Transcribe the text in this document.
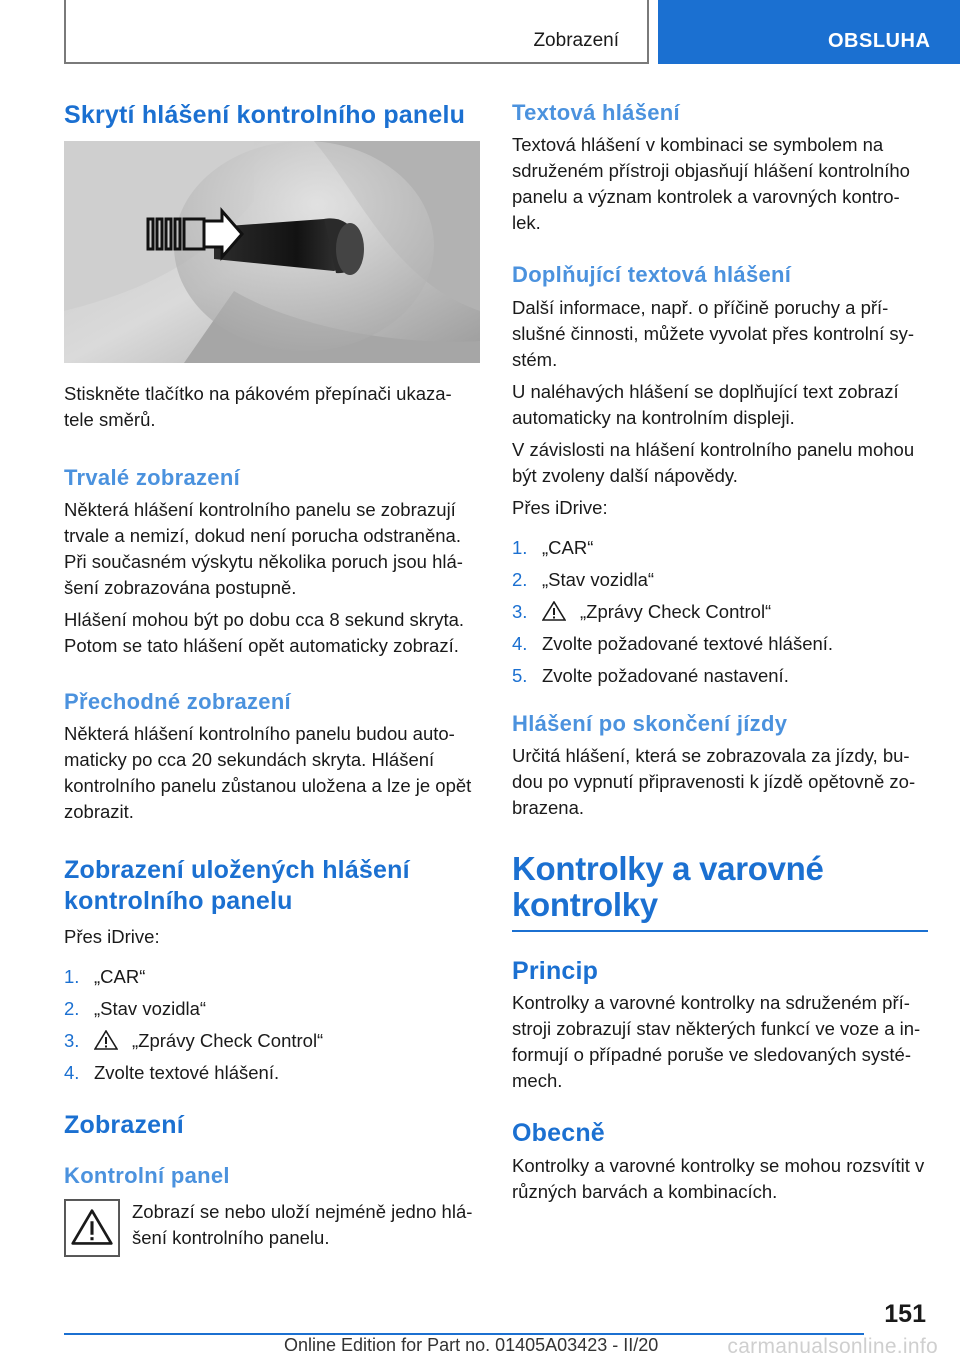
Zobrazení	OBSLUHA
Skrytí hlášení kontrolního panelu

Stiskněte tlačítko na pákovém přepínači ukaza-tele směrů.

Trvalé zobrazení

Některá hlášení kontrolního panelu se zobrazují trvale a nemizí, dokud není porucha odstraněna. Při současném výskytu několika poruch jsou hlá-šení zobrazována postupně.

Hlášení mohou být po dobu cca 8 sekund skryta. Potom se tato hlášení opět automaticky zobrazí.

Přechodné zobrazení

Některá hlášení kontrolního panelu budou auto-maticky po cca 20 sekundách skryta. Hlášení kontrolního panelu zůstanou uložena a lze je opět zobrazit.

Zobrazení uložených hlášení
kontrolního panelu

Přes iDrive:

1. „CAR“
2. „Stav vozidla“
3.	„Zprávy Check Control“
4. Zvolte textové hlášení.
Zobrazení
Kontrolní panel

Zobrazí se nebo uloží nejméně jedno hlá-šení kontrolního panelu.

Textová hlášení

Textová hlášení v kombinaci se symbolem na sdruženém přístroji objasňují hlášení kontrolního panelu a význam kontrolek a varovných kontro-lek.

Doplňující textová hlášení

Další informace, např. o příčině poruchy a pří-slušné činnosti, můžete vyvolat přes kontrolní sy-stém.

U naléhavých hlášení se doplňující text zobrazí automaticky na kontrolním displeji.

V závislosti na hlášení kontrolního panelu mohou být zvoleny další nápovědy.

Přes iDrive:

1. „CAR“
2. „Stav vozidla“
3.	„Zprávy Check Control“
4. Zvolte požadované textové hlášení.
5. Zvolte požadované nastavení.
Hlášení po skončení jízdy

Určitá hlášení, která se zobrazovala za jízdy, bu-dou po vypnutí připravenosti k jízdě opětovně zo-brazena.

Kontrolky a varovné
kontrolky
Princip

Kontrolky a varovné kontrolky na sdruženém pří-stroji zobrazují stav některých funkcí ve voze a in-formují o případné poruše ve sledovaných systé-mech.

Obecně

Kontrolky a varovné kontrolky se mohou rozsvítit v různých barvách a kombinacích.

151
Online Edition for Part no. 01405A03423 - II/20	carmanualsonline.info
